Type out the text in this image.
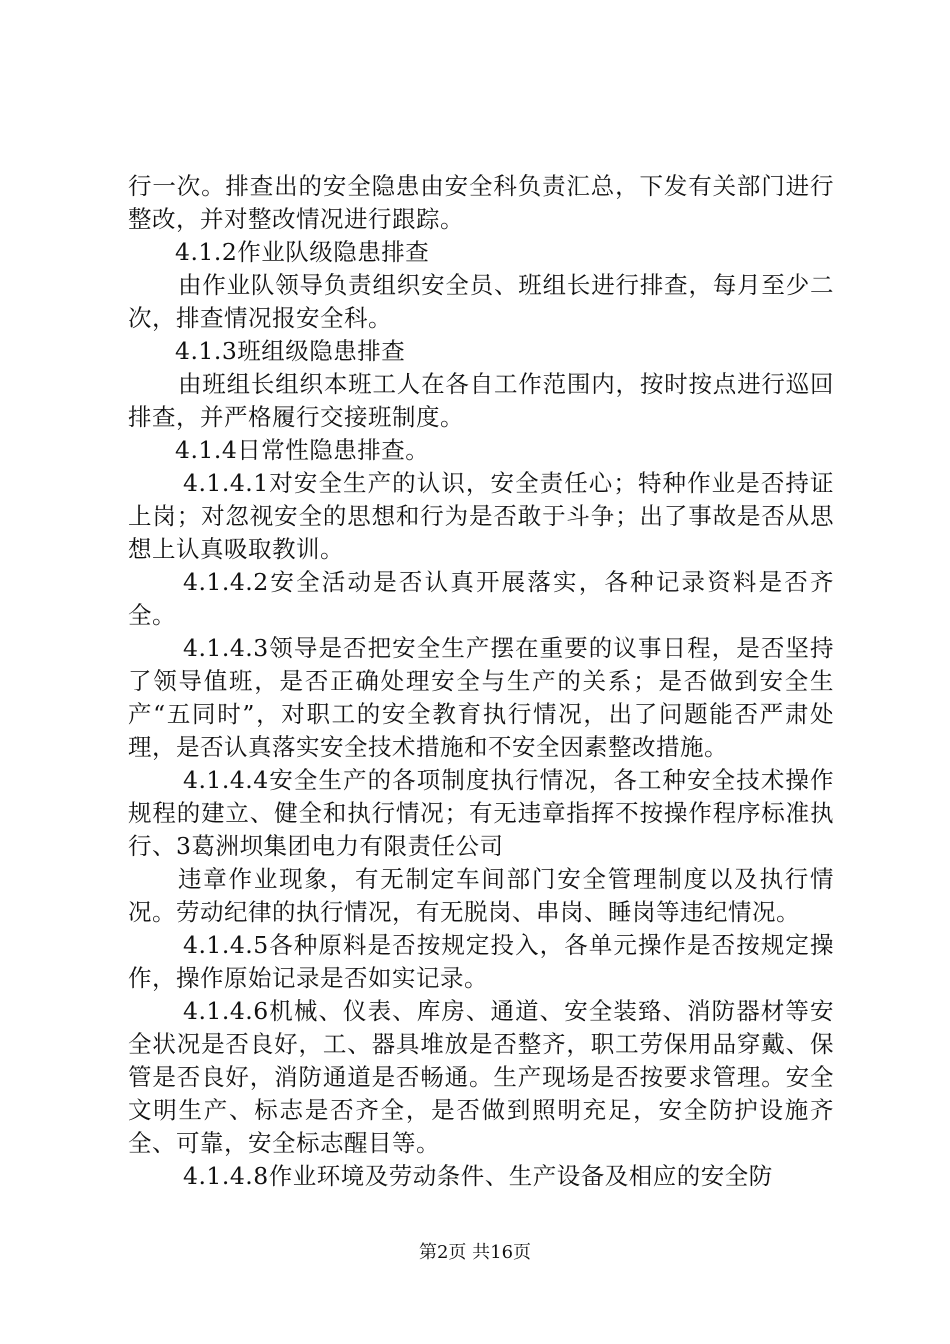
行一次。排查出的安全隐患由安全科负责汇总，下发有关部门进行整改，并对整改情况进行跟踪。

4.1.2作业队级隐患排查

由作业队领导负责组织安全员、班组长进行排查，每月至少二次，排查情况报安全科。

4.1.3班组级隐患排查

由班组长组织本班工人在各自工作范围内，按时按点进行巡回排查，并严格履行交接班制度。

4.1.4日常性隐患排查。

4.1.4.1对安全生产的认识，安全责任心；特种作业是否持证上岗；对忽视安全的思想和行为是否敢于斗争；出了事故是否从思想上认真吸取教训。

4.1.4.2安全活动是否认真开展落实，各种记录资料是否齐全。

4.1.4.3领导是否把安全生产摆在重要的议事日程，是否坚持了领导值班，是否正确处理安全与生产的关系；是否做到安全生产“五同时”，对职工的安全教育执行情况，出了问题能否严肃处理，是否认真落实安全技术措施和不安全因素整改措施。

4.1.4.4安全生产的各项制度执行情况，各工种安全技术操作规程的建立、健全和执行情况；有无违章指挥不按操作程序标准执行、3葛洲坝集团电力有限责任公司

违章作业现象，有无制定车间部门安全管理制度以及执行情况。劳动纪律的执行情况，有无脱岗、串岗、睡岗等违纪情况。

4.1.4.5各种原料是否按规定投入，各单元操作是否按规定操作，操作原始记录是否如实记录。

4.1.4.6机械、仪表、库房、通道、安全装臵、消防器材等安全状况是否良好，工、器具堆放是否整齐，职工劳保用品穿戴、保管是否良好，消防通道是否畅通。生产现场是否按要求管理。安全文明生产、标志是否齐全，是否做到照明充足，安全防护设施齐全、可靠，安全标志醒目等。

4.1.4.8作业环境及劳动条件、生产设备及相应的安全防

第2页 共16页
